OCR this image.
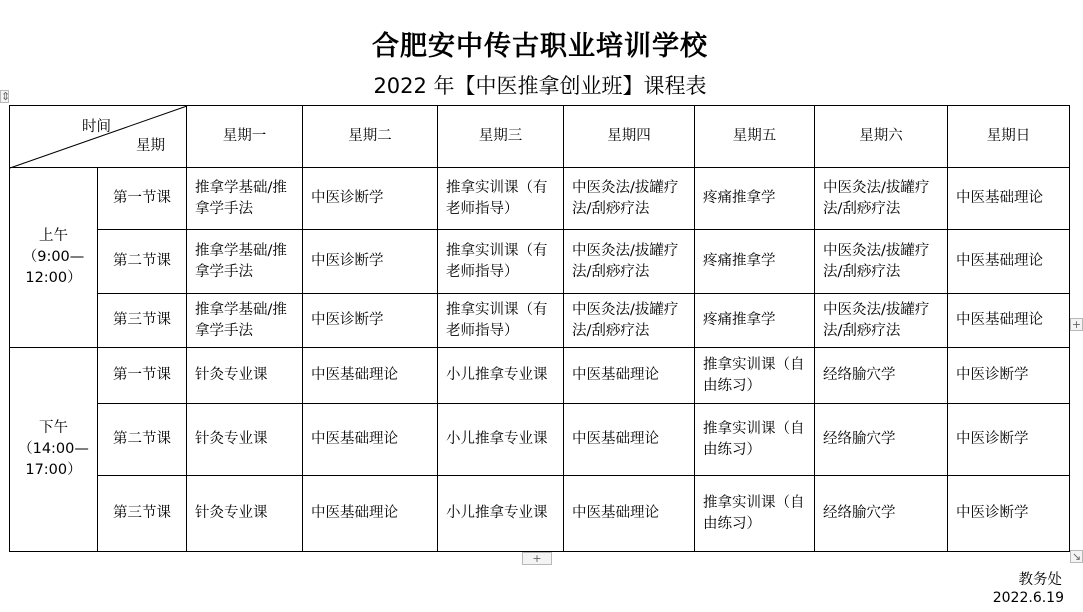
合肥安中传古职业培训学校
2022 年【中医推拿创业班】课程表
⇕
时间
星期		星期一	星期二	星期三	星期四	星期五	星期六	星期日
上午
（9:00—
12:00）	第一节课	推拿学基础/推拿学手法	中医诊断学	推拿实训课（有老师指导）	中医灸法/拔罐疗法/刮痧疗法	疼痛推拿学	中医灸法/拔罐疗法/刮痧疗法	中医基础理论
	第二节课	推拿学基础/推拿学手法	中医诊断学	推拿实训课（有老师指导）	中医灸法/拔罐疗法/刮痧疗法	疼痛推拿学	中医灸法/拔罐疗法/刮痧疗法	中医基础理论
	第三节课	推拿学基础/推拿学手法	中医诊断学	推拿实训课（有老师指导）	中医灸法/拔罐疗法/刮痧疗法	疼痛推拿学	中医灸法/拔罐疗法/刮痧疗法	中医基础理论
下午
（14:00—
17:00）	第一节课	针灸专业课	中医基础理论	小儿推拿专业课	中医基础理论	推拿实训课（自由练习）	经络腧穴学	中医诊断学
	第二节课	针灸专业课	中医基础理论	小儿推拿专业课	中医基础理论	推拿实训课（自由练习）	经络腧穴学	中医诊断学
	第三节课	针灸专业课	中医基础理论	小儿推拿专业课	中医基础理论	推拿实训课（自由练习）	经络腧穴学	中医诊断学
+
+	↘
教务处
2022.6.19
